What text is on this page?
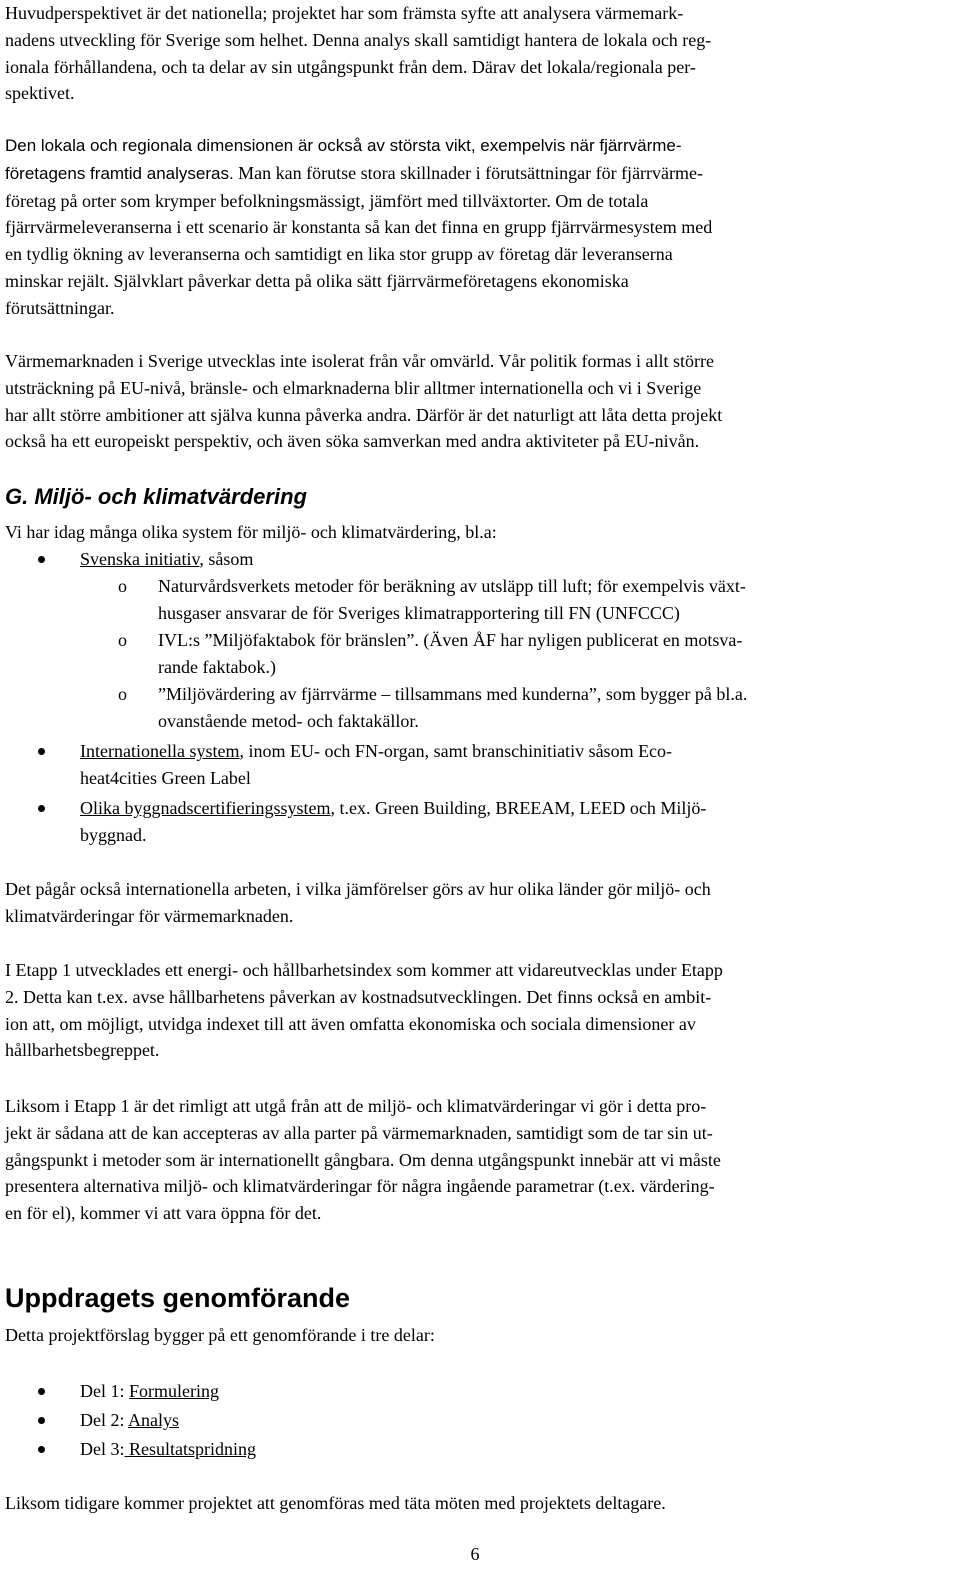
Huvudperspektivet är det nationella; projektet har som främsta syfte att analysera värmemark-
nadens utveckling för Sverige som helhet. Denna analys skall samtidigt hantera de lokala och reg-
ionala förhållandena, och ta delar av sin utgångspunkt från dem. Därav det lokala/regionala per-
spektivet.
Den lokala och regionala dimensionen är också av största vikt, exempelvis när fjärrvärme-
företagens framtid analyseras. Man kan förutse stora skillnader i förutsättningar för fjärrvärme-
företag på orter som krymper befolkningsmässigt, jämfört med tillväxtorter. Om de totala
fjärrvärmeleveranserna i ett scenario är konstanta så kan det finna en grupp fjärrvärmesystem med
en tydlig ökning av leveranserna och samtidigt en lika stor grupp av företag där leveranserna
minskar rejält. Självklart påverkar detta på olika sätt fjärrvärmeföretagens ekonomiska
förutsättningar.
Värmemarknaden i Sverige utvecklas inte isolerat från vår omvärld. Vår politik formas i allt större
utsträckning på EU-nivå, bränsle- och elmarknaderna blir alltmer internationella och vi i Sverige
har allt större ambitioner att själva kunna påverka andra. Därför är det naturligt att låta detta projekt
också ha ett europeiskt perspektiv, och även söka samverkan med andra aktiviteter på EU-nivån.
G. Miljö- och klimatvärdering
Vi har idag många olika system för miljö- och klimatvärdering, bl.a:
Svenska initiativ, såsom
o Naturvårdsverkets metoder för beräkning av utsläpp till luft; för exempelvis växt-
husgaser ansvarar de för Sveriges klimatrapportering till FN (UNFCCC)
o IVL:s ”Miljöfaktabok för bränslen”. (Även ÅF har nyligen publicerat en motsva-
rande faktabok.)
o ”Miljövärdering av fjärrvärme – tillsammans med kunderna”, som bygger på bl.a.
ovanstående metod- och faktakällor.
Internationella system, inom EU- och FN-organ, samt branschinitiativ såsom Eco-
heat4cities Green Label
Olika byggnadscertifieringssystem, t.ex. Green Building, BREEAM, LEED och Miljö-
byggnad.
Det pågår också internationella arbeten, i vilka jämförelser görs av hur olika länder gör miljö- och
klimatvärderingar för värmemarknaden.
I Etapp 1 utvecklades ett energi- och hållbarhetsindex som kommer att vidareutvecklas under Etapp
2. Detta kan t.ex. avse hållbarhetens påverkan av kostnadsutvecklingen. Det finns också en ambit-
ion att, om möjligt, utvidga indexet till att även omfatta ekonomiska och sociala dimensioner av
hållbarhetsbegreppet.
Liksom i Etapp 1 är det rimligt att utgå från att de miljö- och klimatvärderingar vi gör i detta pro-
jekt är sådana att de kan accepteras av alla parter på värmemarknaden, samtidigt som de tar sin ut-
gångspunkt i metoder som är internationellt gångbara. Om denna utgångspunkt innebär att vi måste
presentera alternativa miljö- och klimatvärderingar för några ingående parametrar (t.ex. värdering-
en för el), kommer vi att vara öppna för det.
Uppdragets genomförande
Detta projektförslag bygger på ett genomförande i tre delar:
Del 1: Formulering
Del 2: Analys
Del 3: Resultatspridning
Liksom tidigare kommer projektet att genomföras med täta möten med projektets deltagare.
6
